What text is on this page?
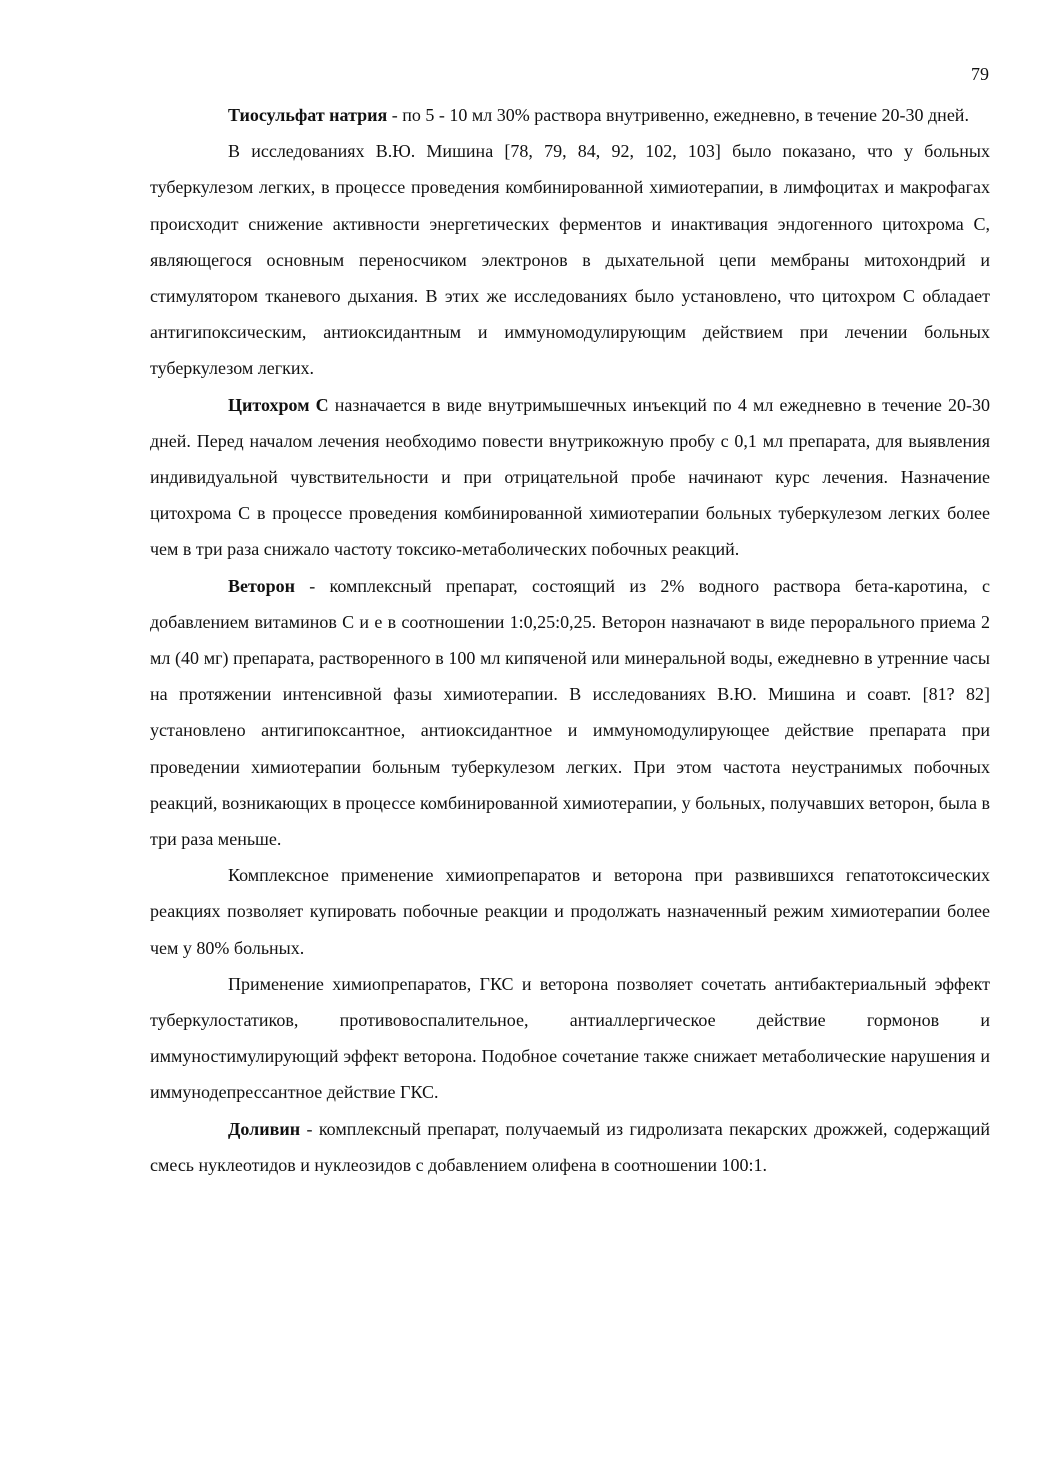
79

Тиосульфат натрия - по 5 - 10 мл 30% раствора внутривенно, ежедневно, в течение 20-30 дней.

В исследованиях В.Ю. Мишина [78, 79, 84, 92, 102, 103] было показано, что у больных туберкулезом легких, в процессе проведения комбинированной химиотерапии, в лимфоцитах и макрофагах происходит снижение активности энергетических ферментов и инактивация эндогенного цитохрома С, являющегося основным переносчиком электронов в дыхательной цепи мембраны митохондрий и стимулятором тканевого дыхания. В этих же исследованиях было установлено, что цитохром С обладает антигипоксическим, антиоксидантным и иммуномодулирующим действием при лечении больных туберкулезом легких.

Цитохром С назначается в виде внутримышечных инъекций по 4 мл ежедневно в течение 20-30 дней. Перед началом лечения необходимо повести внутрикожную пробу с 0,1 мл препарата, для выявления индивидуальной чувствительности и при отрицательной пробе начинают курс лечения. Назначение цитохрома С в процессе проведения комбинированной химиотерапии больных туберкулезом легких более чем в три раза снижало частоту токсико-метаболических побочных реакций.

Веторон - комплексный препарат, состоящий из 2% водного раствора бета-каротина, с добавлением витаминов С и е в соотношении 1:0,25:0,25. Веторон назначают в виде перорального приема 2 мл (40 мг) препарата, растворенного в 100 мл кипяченой или минеральной воды, ежедневно в утренние часы на протяжении интенсивной фазы химиотерапии. В исследованиях В.Ю. Мишина и соавт. [81? 82] установлено антигипоксантное, антиоксидантное и иммуномодулирующее действие препарата при проведении химиотерапии больным туберкулезом легких. При этом частота неустранимых побочных реакций, возникающих в процессе комбинированной химиотерапии, у больных, получавших веторон, была в три раза меньше.

Комплексное применение химиопрепаратов и веторона при развившихся гепатотоксических реакциях позволяет купировать побочные реакции и продолжать назначенный режим химиотерапии более чем у 80% больных.

Применение химиопрепаратов, ГКС и веторона позволяет сочетать антибактериальный эффект туберкулостатиков, противовоспалительное, антиаллергическое действие гормонов и иммуностимулирующий эффект веторона. Подобное сочетание также снижает метаболические нарушения и иммунодепрессантное действие ГКС.

Доливин - комплексный препарат, получаемый из гидролизата пекарских дрожжей, содержащий смесь нуклеотидов и нуклеозидов с добавлением олифена в соотношении 100:1.
